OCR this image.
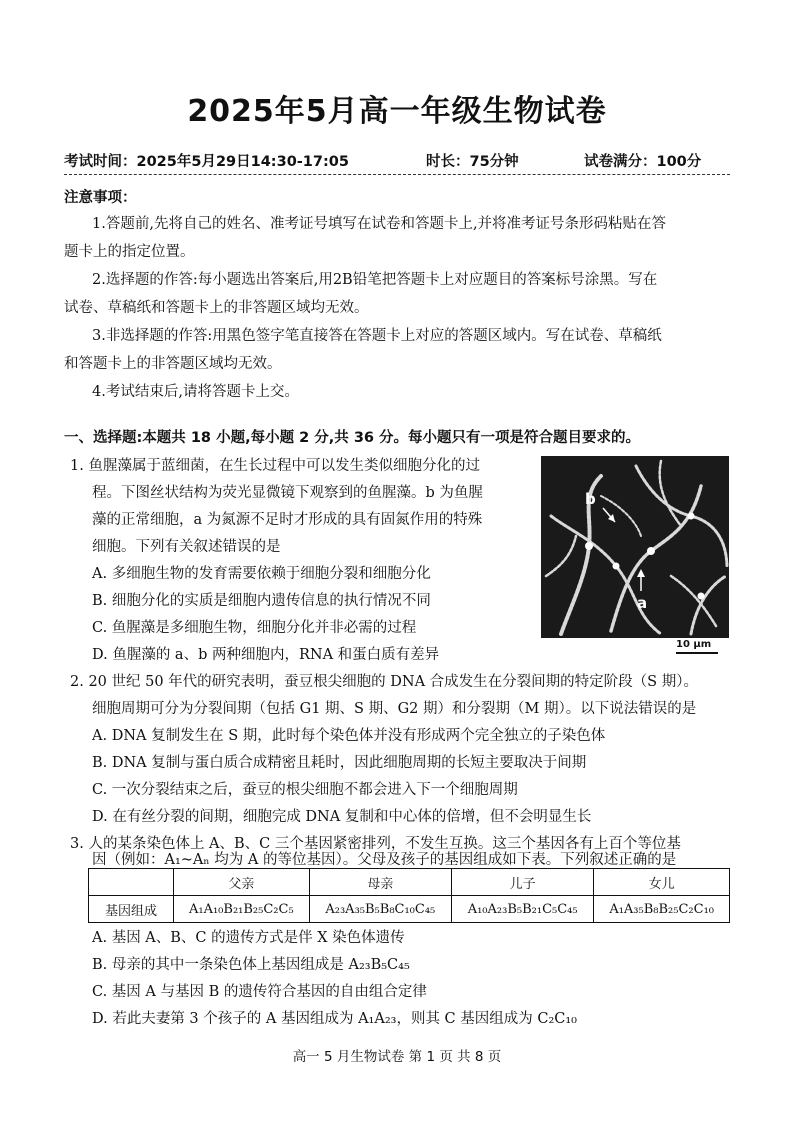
2025年5月高一年级生物试卷
考试时间：2025年5月29日14:30-17:05	时长：75分钟	试卷满分：100分
注意事项：
1.答题前,先将自己的姓名、准考证号填写在试卷和答题卡上,并将准考证号条形码粘贴在答
题卡上的指定位置。
2.选择题的作答:每小题选出答案后,用2B铅笔把答题卡上对应题目的答案标号涂黑。写在
试卷、草稿纸和答题卡上的非答题区域均无效。
3.非选择题的作答:用黑色签字笔直接答在答题卡上对应的答题区域内。写在试卷、草稿纸
和答题卡上的非答题区域均无效。
4.考试结束后,请将答题卡上交。
一、选择题:本题共 18 小题,每小题 2 分,共 36 分。每小题只有一项是符合题目要求的。
1. 鱼腥藻属于蓝细菌，在生长过程中可以发生类似细胞分化的过
程。下图丝状结构为荧光显微镜下观察到的鱼腥藻。b 为鱼腥
藻的正常细胞，a 为氮源不足时才形成的具有固氮作用的特殊
细胞。下列有关叙述错误的是
A. 多细胞生物的发育需要依赖于细胞分裂和细胞分化
B. 细胞分化的实质是细胞内遗传信息的执行情况不同
C. 鱼腥藻是多细胞生物，细胞分化并非必需的过程
D. 鱼腥藻的 a、b 两种细胞内，RNA 和蛋白质有差异
b
a
10 μm
2. 20 世纪 50 年代的研究表明，蚕豆根尖细胞的 DNA 合成发生在分裂间期的特定阶段（S 期）。
细胞周期可分为分裂间期（包括 G1 期、S 期、G2 期）和分裂期（M 期）。以下说法错误的是
A. DNA 复制发生在 S 期，此时每个染色体并没有形成两个完全独立的子染色体
B. DNA 复制与蛋白质合成精密且耗时，因此细胞周期的长短主要取决于间期
C. 一次分裂结束之后，蚕豆的根尖细胞不都会进入下一个细胞周期
D. 在有丝分裂的间期，细胞完成 DNA 复制和中心体的倍增，但不会明显生长
3. 人的某条染色体上 A、B、C 三个基因紧密排列，不发生互换。这三个基因各有上百个等位基
因（例如：A₁~Aₙ 均为 A 的等位基因）。父母及孩子的基因组成如下表。下列叙述正确的是
	父亲	母亲	儿子	女儿
基因组成	A₁A₁₀B₂₁B₂₅C₂C₅	A₂₃A₃₅B₅B₈C₁₀C₄₅	A₁₀A₂₃B₅B₂₁C₅C₄₅	A₁A₃₅B₈B₂₅C₂C₁₀
A. 基因 A、B、C 的遗传方式是伴 X 染色体遗传
B. 母亲的其中一条染色体上基因组成是 A₂₃B₅C₄₅
C. 基因 A 与基因 B 的遗传符合基因的自由组合定律
D. 若此夫妻第 3 个孩子的 A 基因组成为 A₁A₂₃，则其 C 基因组成为 C₂C₁₀
高一 5 月生物试卷 第 1 页 共 8 页
